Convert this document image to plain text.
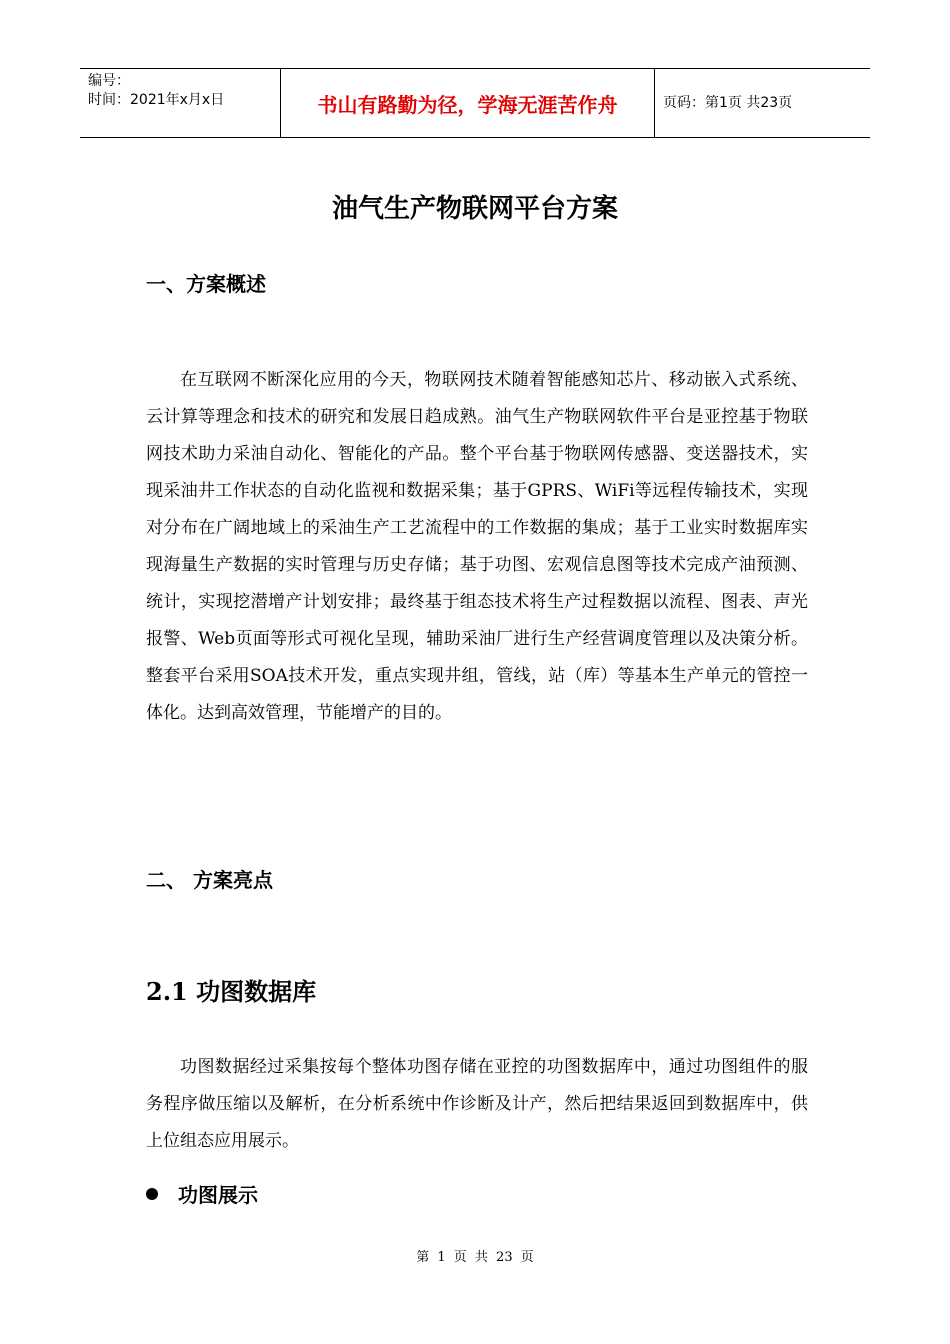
编号：
时间：2021年x月x日	书山有路勤为径，学海无涯苦作舟	页码：第1页 共23页
油气生产物联网平台方案
一、方案概述

在互联网不断深化应用的今天，物联网技术随着智能感知芯片、移动嵌入式系统、云计算等理念和技术的研究和发展日趋成熟。油气生产物联网软件平台是亚控基于物联网技术助力采油自动化、智能化的产品。整个平台基于物联网传感器、变送器技术，实现采油井工作状态的自动化监视和数据采集；基于GPRS、WiFi等远程传输技术，实现对分布在广阔地域上的采油生产工艺流程中的工作数据的集成；基于工业实时数据库实现海量生产数据的实时管理与历史存储；基于功图、宏观信息图等技术完成产油预测、统计，实现挖潜增产计划安排；最终基于组态技术将生产过程数据以流程、图表、声光报警、Web页面等形式可视化呈现，辅助采油厂进行生产经营调度管理以及决策分析。整套平台采用SOA技术开发，重点实现井组，管线，站（库）等基本生产单元的管控一体化。达到高效管理，节能增产的目的。

二、 方案亮点
2.1 功图数据库

功图数据经过采集按每个整体功图存储在亚控的功图数据库中，通过功图组件的服务程序做压缩以及解析，在分析系统中作诊断及计产，然后把结果返回到数据库中，供上位组态应用展示。

功图展示
第 1 页 共 23 页
